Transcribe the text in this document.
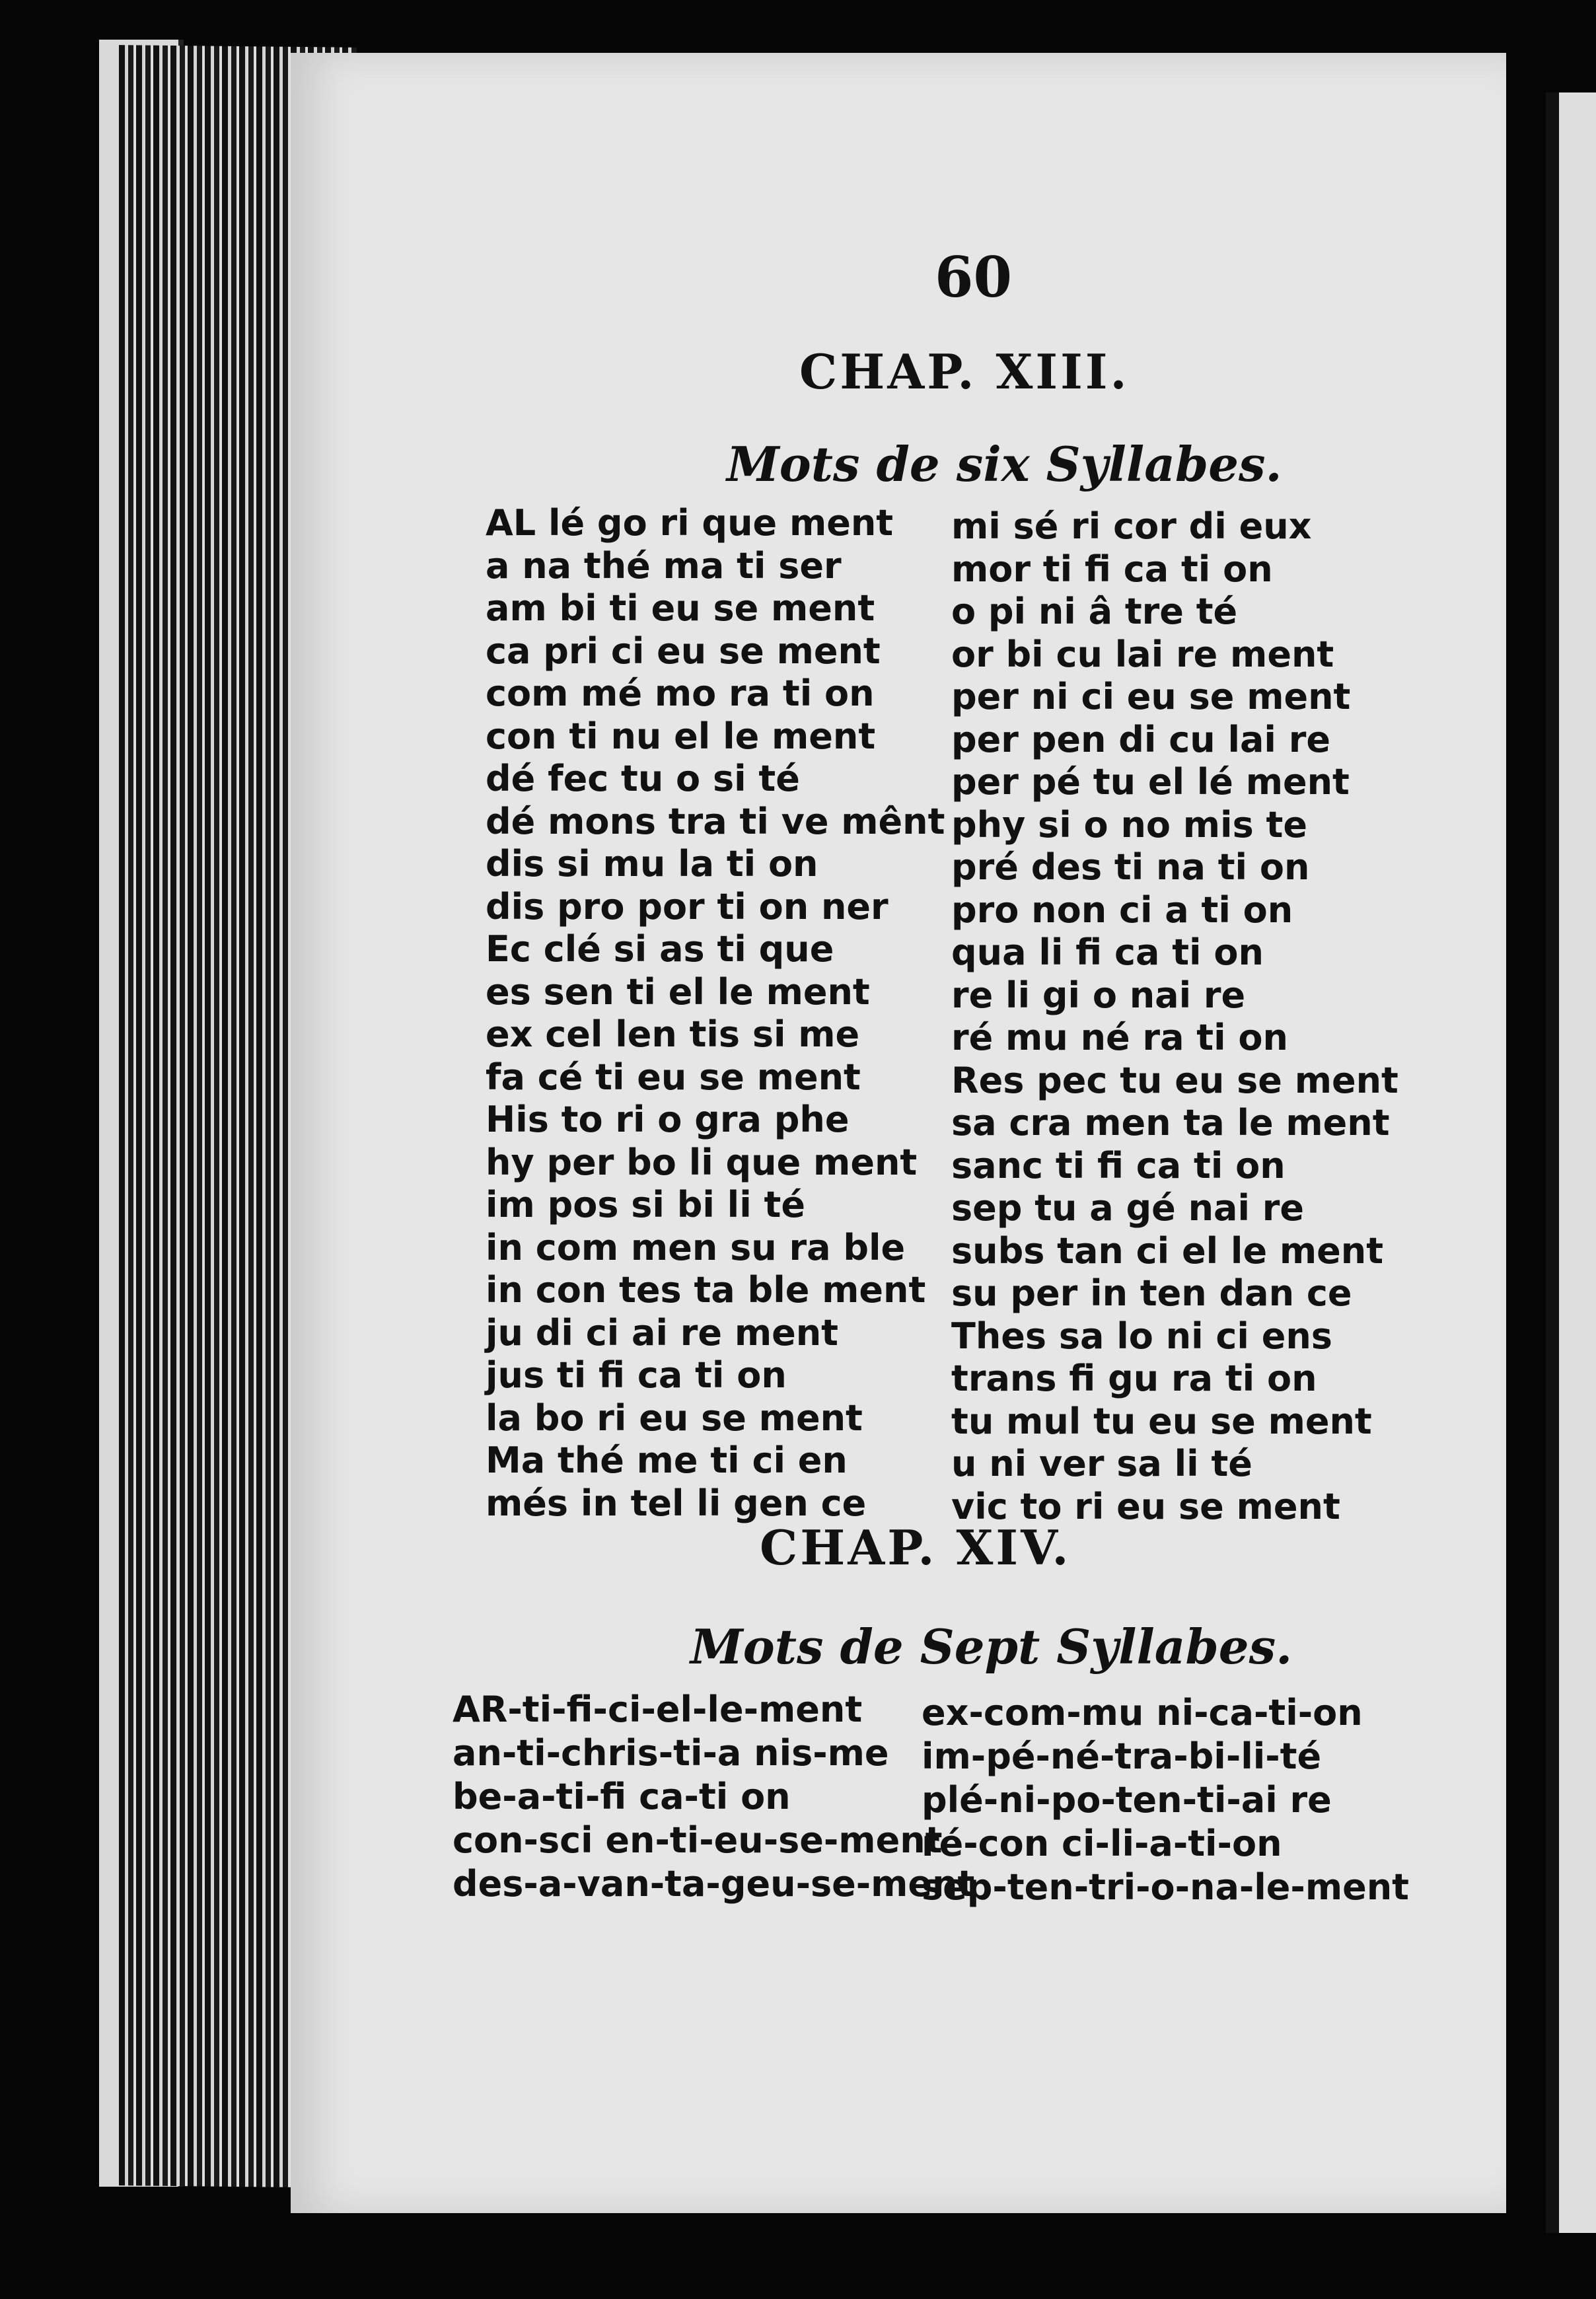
60
CHAP. XIII.
Mots de six Syllabes.
AL lé go ri que ment
a na thé ma ti ser
am bi ti eu se ment
ca pri ci eu se ment
com mé mo ra ti on
con ti nu el le ment
dé fec tu o si té
dé mons tra ti ve mênt
dis si mu la ti on
dis pro por ti on ner
Ec clé si as ti que
es sen ti el le ment
ex cel len tis si me
fa cé ti eu se ment
His to ri o gra phe
hy per bo li que ment
im pos si bi li té
in com men su ra ble
in con tes ta ble ment
ju di ci ai re ment
jus ti fi ca ti on
la bo ri eu se ment
Ma thé me ti ci en
més in tel li gen ce
mi sé ri cor di eux
mor ti fi ca ti on
o pi ni â tre té
or bi cu lai re ment
per ni ci eu se ment
per pen di cu lai re
per pé tu el lé ment
phy si o no mis te
pré des ti na ti on
pro non ci a ti on
qua li fi ca ti on
re li gi o nai re
ré mu né ra ti on
Res pec tu eu se ment
sa cra men ta le ment
sanc ti fi ca ti on
sep tu a gé nai re
subs tan ci el le ment
su per in ten dan ce
Thes sa lo ni ci ens
trans fi gu ra ti on
tu mul tu eu se ment
u ni ver sa li té
vic to ri eu se ment
CHAP. XIV.
Mots de Sept Syllabes.
AR-ti-fi-ci-el-le-ment
an-ti-chris-ti-a nis-me
be-a-ti-fi ca-ti on
con-sci en-ti-eu-se-ment
des-a-van-ta-geu-se-ment
ex-com-mu ni-ca-ti-on
im-pé-né-tra-bi-li-té
plé-ni-po-ten-ti-ai re
ré-con ci-li-a-ti-on
sep-ten-tri-o-na-le-ment
